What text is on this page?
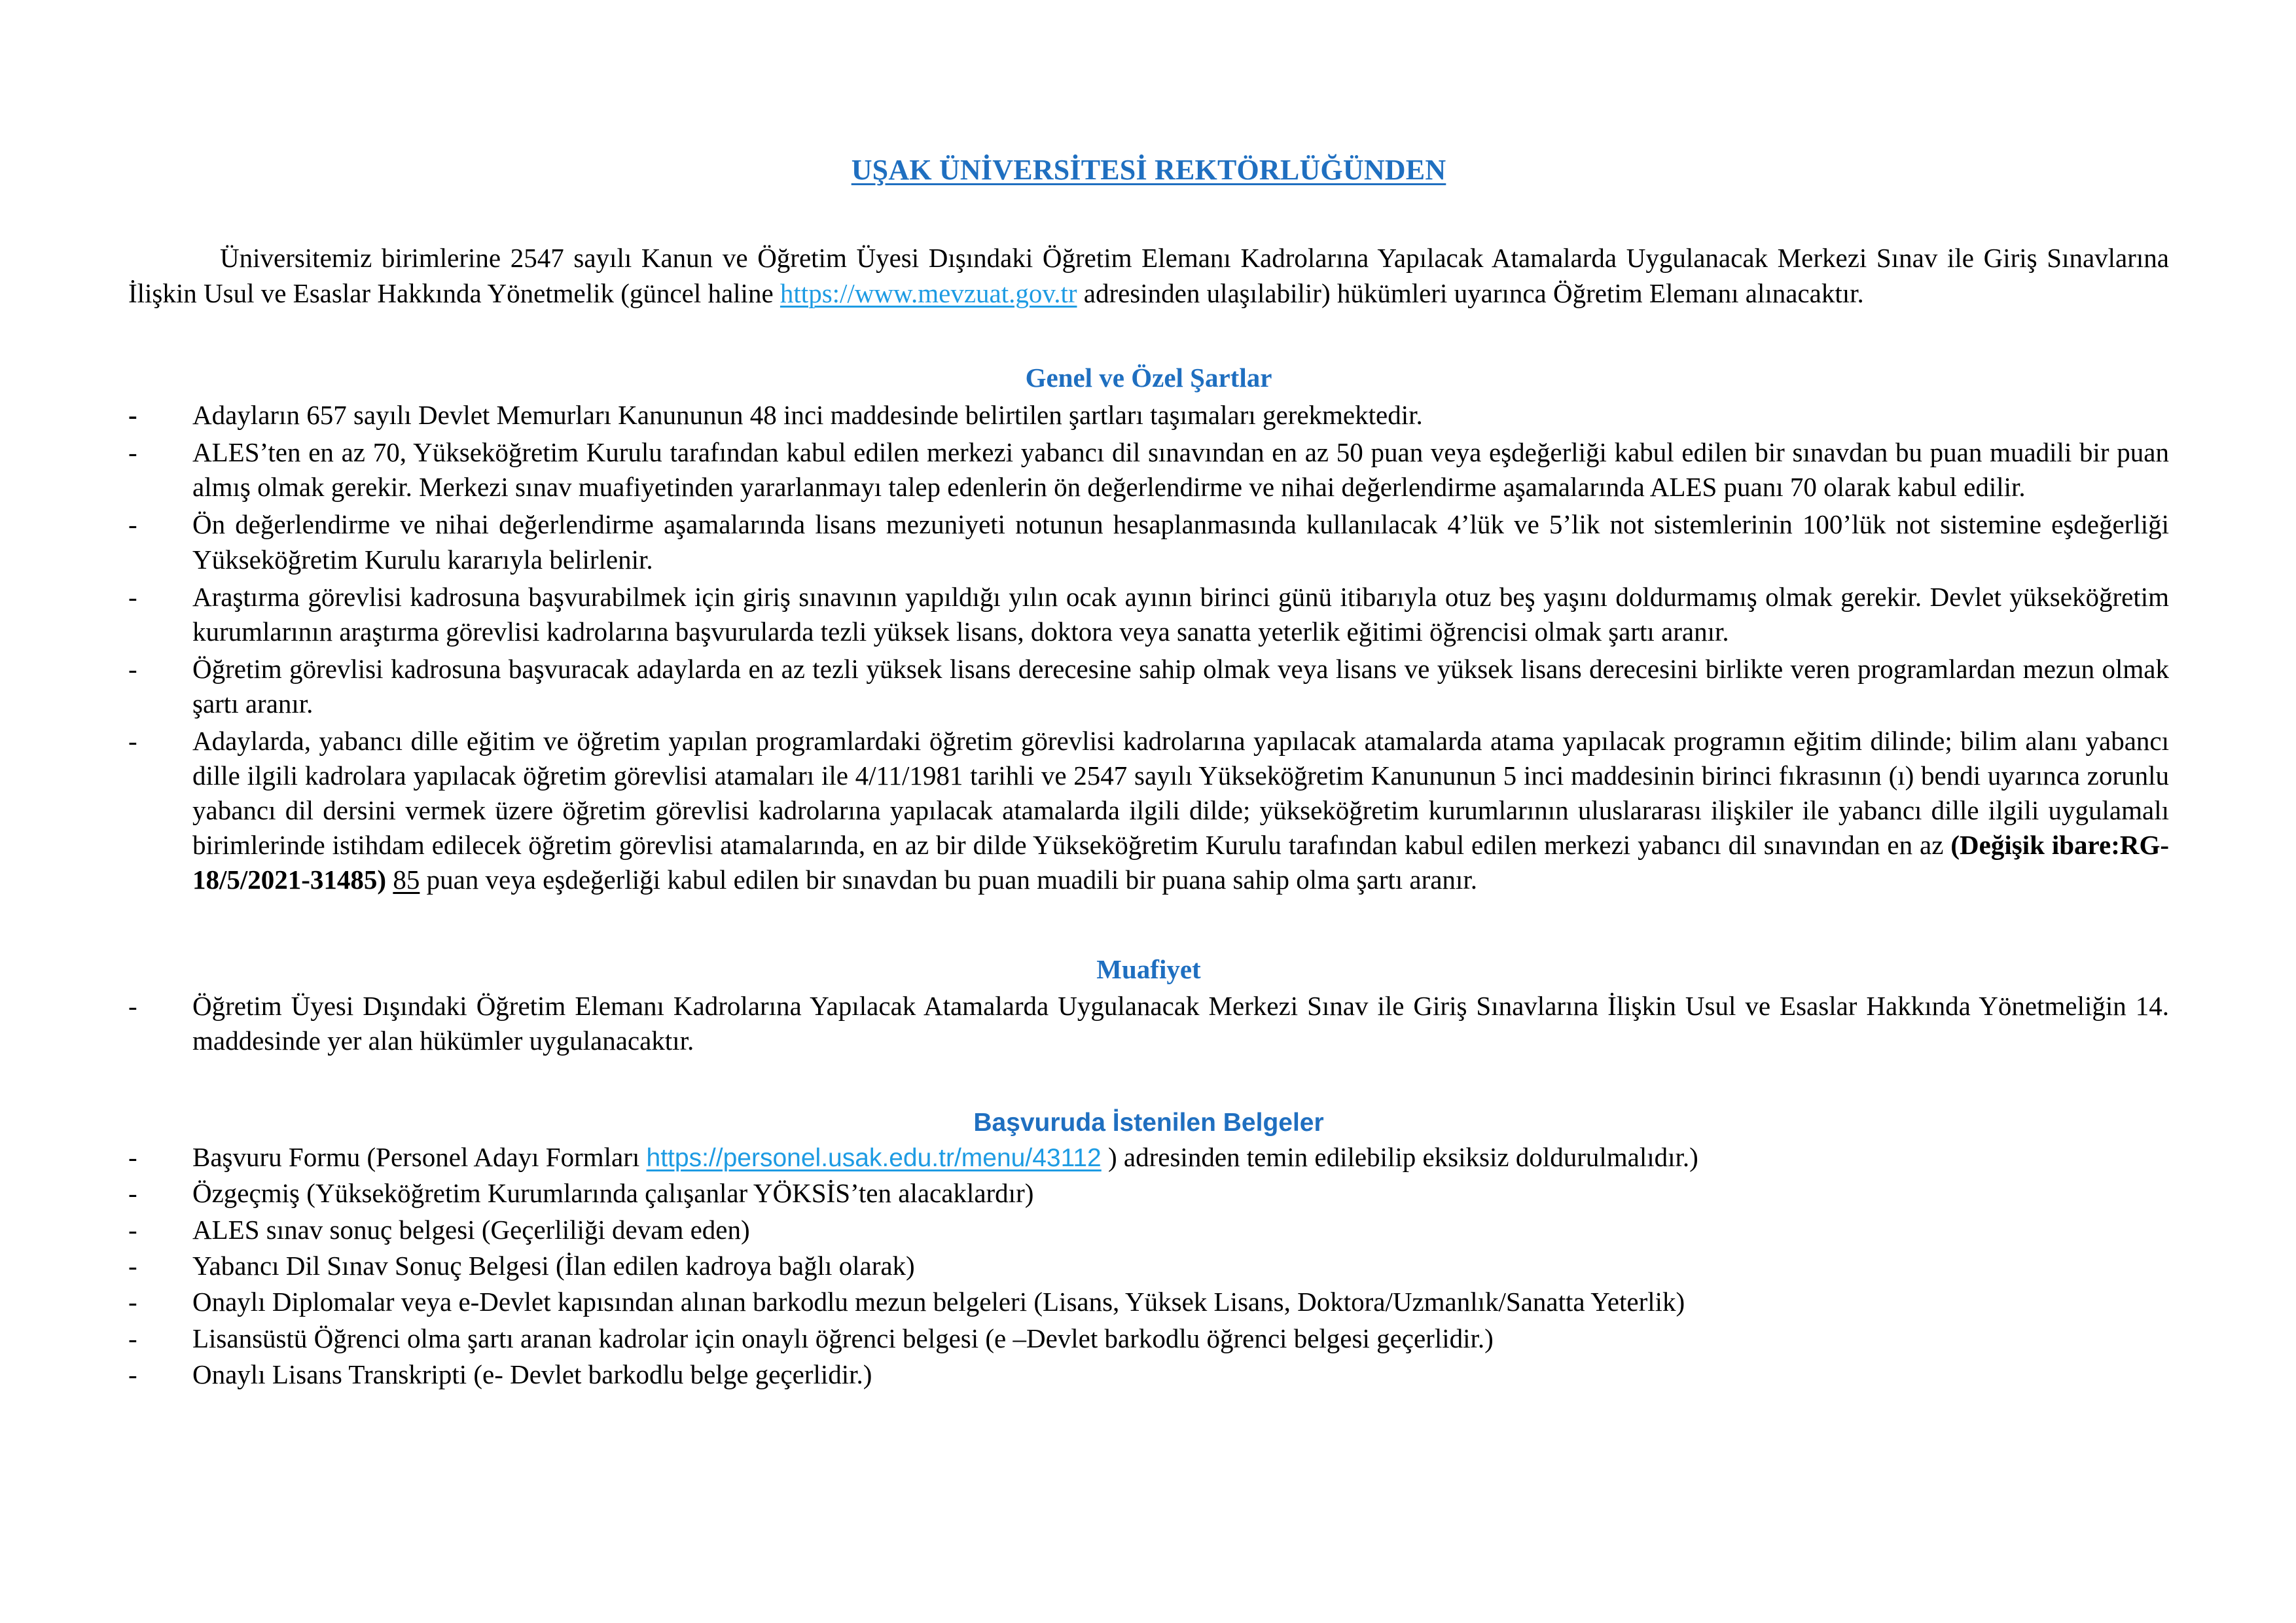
UŞAK ÜNİVERSİTESİ REKTÖRLÜĞÜNDEN

Üniversitemiz birimlerine 2547 sayılı Kanun ve Öğretim Üyesi Dışındaki Öğretim Elemanı Kadrolarına Yapılacak Atamalarda Uygulanacak Merkezi Sınav ile Giriş Sınavlarına İlişkin Usul ve Esaslar Hakkında Yönetmelik (güncel haline https://www.mevzuat.gov.tr adresinden ulaşılabilir) hükümleri uyarınca Öğretim Elemanı alınacaktır.

Genel ve Özel Şartlar
-	Adayların 657 sayılı Devlet Memurları Kanununun 48 inci maddesinde belirtilen şartları taşımaları gerekmektedir.
-	ALES’ten en az 70, Yükseköğretim Kurulu tarafından kabul edilen merkezi yabancı dil sınavından en az 50 puan veya eşdeğerliği kabul edilen bir sınavdan bu puan muadili bir puan almış olmak gerekir. Merkezi sınav muafiyetinden yararlanmayı talep edenlerin ön değerlendirme ve nihai değerlendirme aşamalarında ALES puanı 70 olarak kabul edilir.
-	Ön değerlendirme ve nihai değerlendirme aşamalarında lisans mezuniyeti notunun hesaplanmasında kullanılacak 4’lük ve 5’lik not sistemlerinin 100’lük not sistemine eşdeğerliği Yükseköğretim Kurulu kararıyla belirlenir.
-	Araştırma görevlisi kadrosuna başvurabilmek için giriş sınavının yapıldığı yılın ocak ayının birinci günü itibarıyla otuz beş yaşını doldurmamış olmak gerekir. Devlet yükseköğretim kurumlarının araştırma görevlisi kadrolarına başvurularda tezli yüksek lisans, doktora veya sanatta yeterlik eğitimi öğrencisi olmak şartı aranır.
-	Öğretim görevlisi kadrosuna başvuracak adaylarda en az tezli yüksek lisans derecesine sahip olmak veya lisans ve yüksek lisans derecesini birlikte veren programlardan mezun olmak şartı aranır.
-	Adaylarda, yabancı dille eğitim ve öğretim yapılan programlardaki öğretim görevlisi kadrolarına yapılacak atamalarda atama yapılacak programın eğitim dilinde; bilim alanı yabancı dille ilgili kadrolara yapılacak öğretim görevlisi atamaları ile 4/11/1981 tarihli ve 2547 sayılı Yükseköğretim Kanununun 5 inci maddesinin birinci fıkrasının (ı) bendi uyarınca zorunlu yabancı dil dersini vermek üzere öğretim görevlisi kadrolarına yapılacak atamalarda ilgili dilde; yükseköğretim kurumlarının uluslararası ilişkiler ile yabancı dille ilgili uygulamalı birimlerinde istihdam edilecek öğretim görevlisi atamalarında, en az bir dilde Yükseköğretim Kurulu tarafından kabul edilen merkezi yabancı dil sınavından en az (Değişik ibare:RG-18/5/2021-31485) 85 puan veya eşdeğerliği kabul edilen bir sınavdan bu puan muadili bir puana sahip olma şartı aranır.
Muafiyet
-	Öğretim Üyesi Dışındaki Öğretim Elemanı Kadrolarına Yapılacak Atamalarda Uygulanacak Merkezi Sınav ile Giriş Sınavlarına İlişkin Usul ve Esaslar Hakkında Yönetmeliğin 14. maddesinde yer alan hükümler uygulanacaktır.
Başvuruda İstenilen Belgeler
-	Başvuru Formu (Personel Adayı Formları https://personel.usak.edu.tr/menu/43112 ) adresinden temin edilebilip eksiksiz doldurulmalıdır.)
-	Özgeçmiş (Yükseköğretim Kurumlarında çalışanlar YÖKSİS’ten alacaklardır)
-	ALES sınav sonuç belgesi (Geçerliliği devam eden)
-	Yabancı Dil Sınav Sonuç Belgesi (İlan edilen kadroya bağlı olarak)
-	Onaylı Diplomalar veya e-Devlet kapısından alınan barkodlu mezun belgeleri (Lisans, Yüksek Lisans, Doktora/Uzmanlık/Sanatta Yeterlik)
-	Lisansüstü Öğrenci olma şartı aranan kadrolar için onaylı öğrenci belgesi (e –Devlet barkodlu öğrenci belgesi geçerlidir.)
-	Onaylı Lisans Transkripti (e- Devlet barkodlu belge geçerlidir.)
